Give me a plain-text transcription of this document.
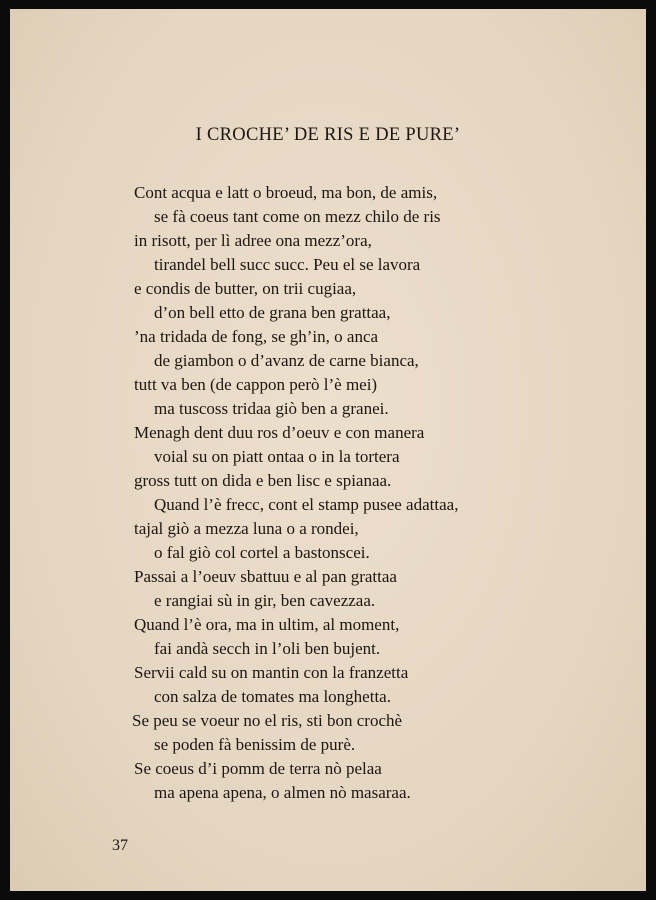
I CROCHE’ DE RIS E DE PURE’
Cont acqua e latt o broeud, ma bon, de amis,
se fà coeus tant come on mezz chilo de ris
in risott, per lì adree ona mezz’ora,
tirandel bell succ succ. Peu el se lavora
e condis de butter, on trii cugiaa,
d’on bell etto de grana ben grattaa,
’na tridada de fong, se gh’in, o anca
de giambon o d’avanz de carne bianca,
tutt va ben (de cappon però l’è mei)
ma tuscoss tridaa giò ben a granei.
Menagh dent duu ros d’oeuv e con manera
voial su on piatt ontaa o in la tortera
gross tutt on dida e ben lisc e spianaa.
Quand l’è frecc, cont el stamp pusee adattaa,
tajal giò a mezza luna o a rondei,
o fal giò col cortel a bastonscei.
Passai a l’oeuv sbattuu e al pan grattaa
e rangiai sù in gir, ben cavezzaa.
Quand l’è ora, ma in ultim, al moment,
fai andà secch in l’oli ben bujent.
Servii cald su on mantin con la franzetta
con salza de tomates ma longhetta.
Se peu se voeur no el ris, sti bon crochè
se poden fà benissim de purè.
Se coeus d’i pomm de terra nò pelaa
ma apena apena, o almen nò masaraa.
37
